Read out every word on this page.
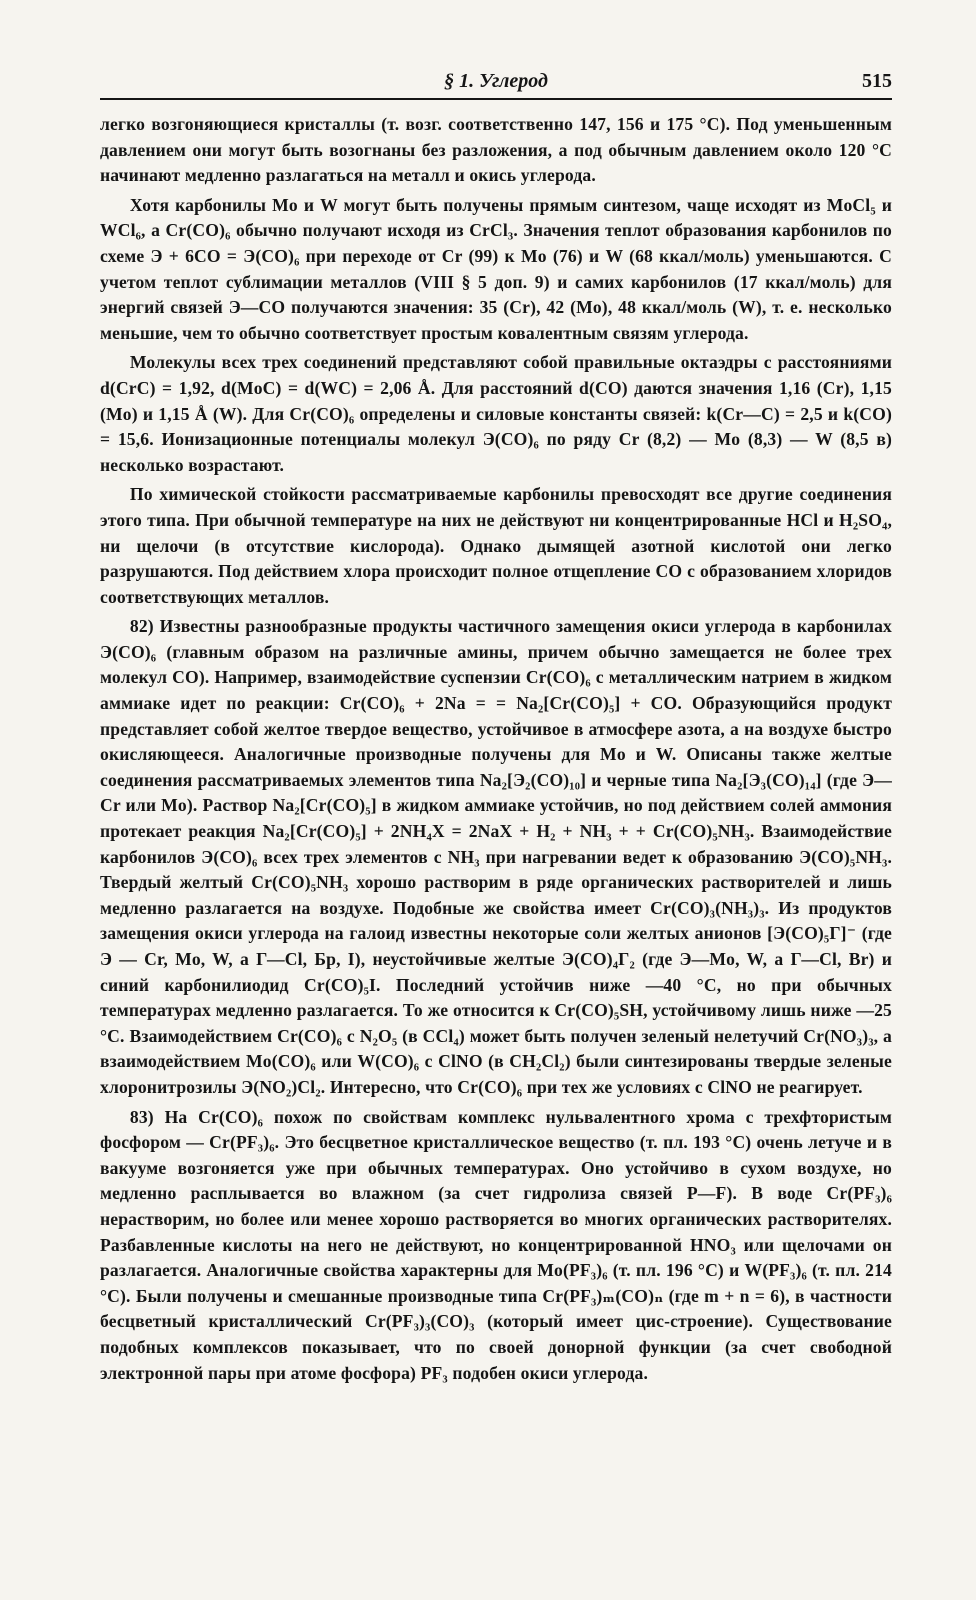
§ 1. Углерод	515

легко возгоняющиеся кристаллы (т. возг. соответственно 147, 156 и 175 °С). Под уменьшенным давлением они могут быть возогнаны без разложения, а под обычным давлением около 120 °С начинают медленно разлагаться на металл и окись углерода.

Хотя карбонилы Mo и W могут быть получены прямым синтезом, чаще исходят из MoCl₅ и WCl₆, а Cr(CO)₆ обычно получают исходя из CrCl₃. Значения теплот образования карбонилов по схеме Э + 6CO = Э(CO)₆ при переходе от Cr (99) к Mo (76) и W (68 ккал/моль) уменьшаются. С учетом теплот сублимации металлов (VIII § 5 доп. 9) и самих карбонилов (17 ккал/моль) для энергий связей Э—CO получаются значения: 35 (Cr), 42 (Mo), 48 ккал/моль (W), т. е. несколько меньшие, чем то обычно соответствует простым ковалентным связям углерода.

Молекулы всех трех соединений представляют собой правильные октаэдры с расстояниями d(CrC) = 1,92, d(MoC) = d(WC) = 2,06 Å. Для расстояний d(CO) даются значения 1,16 (Cr), 1,15 (Mo) и 1,15 Å (W). Для Cr(CO)₆ определены и силовые константы связей: k(Cr—C) = 2,5 и k(CO) = 15,6. Ионизационные потенциалы молекул Э(CO)₆ по ряду Cr (8,2) — Mo (8,3) — W (8,5 в) несколько возрастают.

По химической стойкости рассматриваемые карбонилы превосходят все другие соединения этого типа. При обычной температуре на них не действуют ни концентрированные HCl и H₂SO₄, ни щелочи (в отсутствие кислорода). Однако дымящей азотной кислотой они легко разрушаются. Под действием хлора происходит полное отщепление CO с образованием хлоридов соответствующих металлов.

82) Известны разнообразные продукты частичного замещения окиси углерода в карбонилах Э(CO)₆ (главным образом на различные амины, причем обычно замещается не более трех молекул CO). Например, взаимодействие суспензии Cr(CO)₆ с металлическим натрием в жидком аммиаке идет по реакции: Cr(CO)₆ + 2Na = = Na₂[Cr(CO)₅] + CO. Образующийся продукт представляет собой желтое твердое вещество, устойчивое в атмосфере азота, а на воздухе быстро окисляющееся. Аналогичные производные получены для Mo и W. Описаны также желтые соединения рассматриваемых элементов типа Na₂[Э₂(CO)₁₀] и черные типа Na₂[Э₃(CO)₁₄] (где Э—Cr или Mo). Раствор Na₂[Cr(CO)₅] в жидком аммиаке устойчив, но под действием солей аммония протекает реакция Na₂[Cr(CO)₅] + 2NH₄X = 2NaX + H₂ + NH₃ + + Cr(CO)₅NH₃. Взаимодействие карбонилов Э(CO)₆ всех трех элементов с NH₃ при нагревании ведет к образованию Э(CO)₅NH₃. Твердый желтый Cr(CO)₅NH₃ хорошо растворим в ряде органических растворителей и лишь медленно разлагается на воздухе. Подобные же свойства имеет Cr(CO)₃(NH₃)₃. Из продуктов замещения окиси углерода на галоид известны некоторые соли желтых анионов [Э(CO)₅Г]⁻ (где Э — Cr, Mo, W, а Г—Cl, Бр, I), неустойчивые желтые Э(CO)₄Г₂ (где Э—Mo, W, а Г—Cl, Br) и синий карбонилиодид Cr(CO)₅I. Последний устойчив ниже —40 °С, но при обычных температурах медленно разлагается. То же относится к Cr(CO)₅SH, устойчивому лишь ниже —25 °С. Взаимодействием Cr(CO)₆ с N₂O₅ (в CCl₄) может быть получен зеленый нелетучий Cr(NO₃)₃, а взаимодействием Mo(CO)₆ или W(CO)₆ с ClNO (в CH₂Cl₂) были синтезированы твердые зеленые хлоронитрозилы Э(NO₂)Cl₂. Интересно, что Cr(CO)₆ при тех же условиях с ClNO не реагирует.

83) На Cr(CO)₆ похож по свойствам комплекс нульвалентного хрома с трехфтористым фосфором — Cr(PF₃)₆. Это бесцветное кристаллическое вещество (т. пл. 193 °С) очень летуче и в вакууме возгоняется уже при обычных температурах. Оно устойчиво в сухом воздухе, но медленно расплывается во влажном (за счет гидролиза связей P—F). В воде Cr(PF₃)₆ нерастворим, но более или менее хорошо растворяется во многих органических растворителях. Разбавленные кислоты на него не действуют, но концентрированной HNO₃ или щелочами он разлагается. Аналогичные свойства характерны для Mo(PF₃)₆ (т. пл. 196 °С) и W(PF₃)₆ (т. пл. 214 °С). Были получены и смешанные производные типа Cr(PF₃)ₘ(CO)ₙ (где m + n = 6), в частности бесцветный кристаллический Cr(PF₃)₃(CO)₃ (который имеет цис-строение). Существование подобных комплексов показывает, что по своей донорной функции (за счет свободной электронной пары при атоме фосфора) PF₃ подобен окиси углерода.
